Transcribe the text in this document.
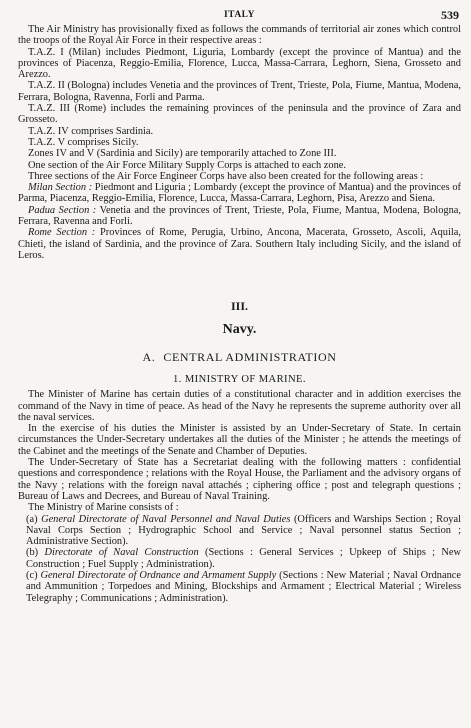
ITALY	539

The Air Ministry has provisionally fixed as follows the commands of territorial air zones which control the troops of the Royal Air Force in their respective areas :

T.A.Z. I (Milan) includes Piedmont, Liguria, Lombardy (except the province of Mantua) and the provinces of Piacenza, Reggio-Emilia, Florence, Lucca, Massa-Carrara, Leghorn, Siena, Grosseto and Arezzo.

T.A.Z. II (Bologna) includes Venetia and the provinces of Trent, Trieste, Pola, Fiume, Mantua, Modena, Ferrara, Bologna, Ravenna, Forli and Parma.

T.A.Z. III (Rome) includes the remaining provinces of the peninsula and the province of Zara and Grosseto.

T.A.Z. IV comprises Sardinia.

T.A.Z. V comprises Sicily.

Zones IV and V (Sardinia and Sicily) are temporarily attached to Zone III.

One section of the Air Force Military Supply Corps is attached to each zone.

Three sections of the Air Force Engineer Corps have also been created for the following areas :

Milan Section : Piedmont and Liguria ; Lombardy (except the province of Mantua) and the provinces of Parma, Piacenza, Reggio-Emilia, Florence, Lucca, Massa-Carrara, Leghorn, Pisa, Arezzo and Siena.

Padua Section : Venetia and the provinces of Trent, Trieste, Pola, Fiume, Mantua, Modena, Bologna, Ferrara, Ravenna and Forli.

Rome Section : Provinces of Rome, Perugia, Urbino, Ancona, Macerata, Grosseto, Ascoli, Aquila, Chieti, the island of Sardinia, and the province of Zara. Southern Italy including Sicily, and the island of Leros.

III.
Navy.
A. CENTRAL ADMINISTRATION
1. MINISTRY OF MARINE.

The Minister of Marine has certain duties of a constitutional character and in addition exercises the command of the Navy in time of peace. As head of the Navy he represents the supreme authority over all the naval services.

In the exercise of his duties the Minister is assisted by an Under-Secretary of State. In certain circumstances the Under-Secretary undertakes all the duties of the Minister ; he attends the meetings of the Cabinet and the meetings of the Senate and Chamber of Deputies.

The Under-Secretary of State has a Secretariat dealing with the following matters : confidential questions and correspondence ; relations with the Royal House, the Parliament and the advisory organs of the Navy ; relations with the foreign naval attachés ; ciphering office ; post and telegraph questions ; Bureau of Laws and Decrees, and Bureau of Naval Training.

The Ministry of Marine consists of :

(a) General Directorate of Naval Personnel and Naval Duties (Officers and Warships Section ; Royal Naval Corps Section ; Hydrographic School and Service ; Naval personnel status Section ; Administrative Section).

(b) Directorate of Naval Construction (Sections : General Services ; Upkeep of Ships ; New Construction ; Fuel Supply ; Administration).

(c) General Directorate of Ordnance and Armament Supply (Sections : New Material ; Naval Ordnance and Ammunition ; Torpedoes and Mining, Blockships and Armament ; Electrical Material ; Wireless Telegraphy ; Communications ; Administration).
